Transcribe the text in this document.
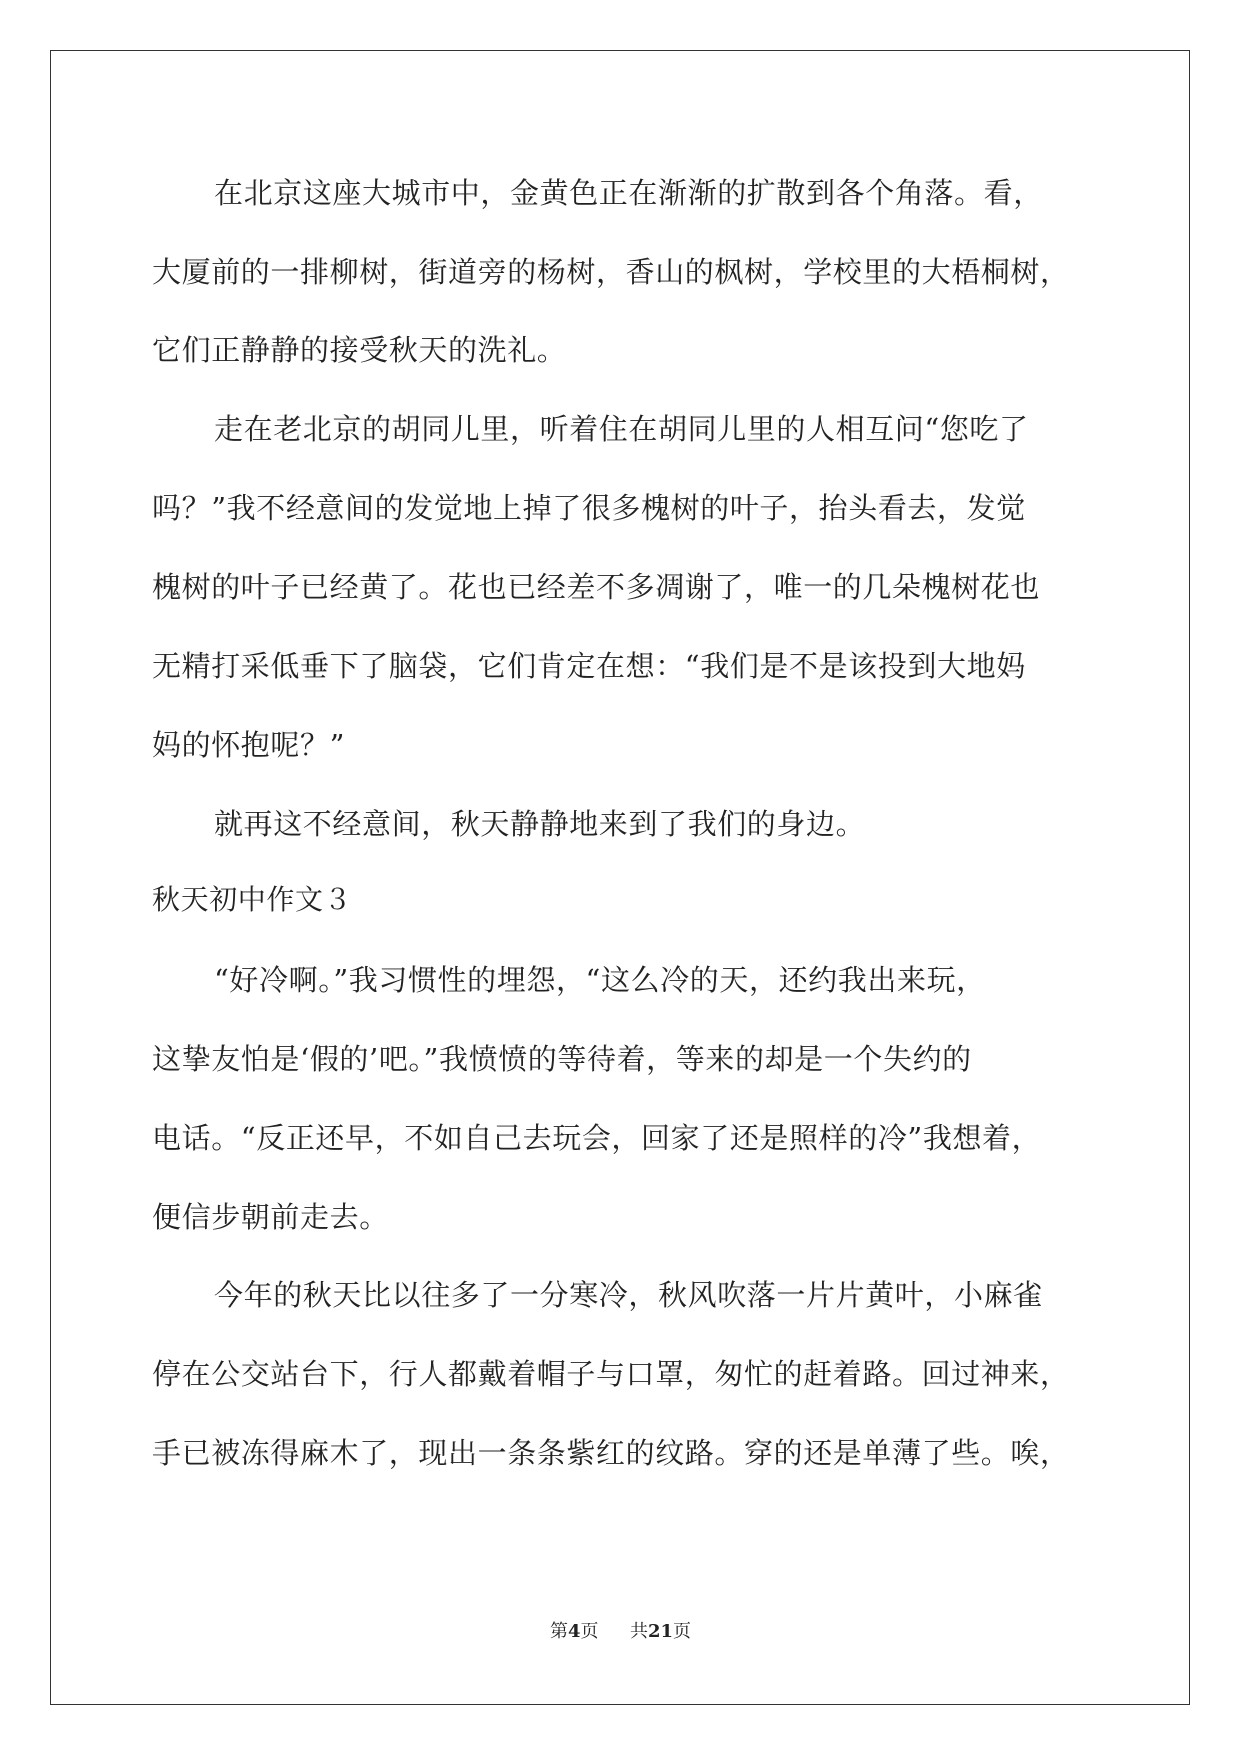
在北京这座大城市中，金黄色正在渐渐的扩散到各个角落。看，
大厦前的一排柳树，街道旁的杨树，香山的枫树，学校里的大梧桐树，
它们正静静的接受秋天的洗礼。
走在老北京的胡同儿里，听着住在胡同儿里的人相互问“您吃了
吗？”我不经意间的发觉地上掉了很多槐树的叶子，抬头看去，发觉
槐树的叶子已经黄了。花也已经差不多凋谢了，唯一的几朵槐树花也
无精打采低垂下了脑袋，它们肯定在想：“我们是不是该投到大地妈
妈的怀抱呢？”
就再这不经意间，秋天静静地来到了我们的身边。
秋天初中作文３
“好冷啊。”我习惯性的埋怨，“这么冷的天，还约我出来玩，
这挚友怕是‘假的’吧。”我愤愤的等待着，等来的却是一个失约的
电话。“反正还早，不如自己去玩会，回家了还是照样的冷”我想着，
便信步朝前走去。
今年的秋天比以往多了一分寒冷，秋风吹落一片片黄叶，小麻雀
停在公交站台下，行人都戴着帽子与口罩，匆忙的赶着路。回过神来，
手已被冻得麻木了，现出一条条紫红的纹路。穿的还是单薄了些。唉，
第4页 共21页
